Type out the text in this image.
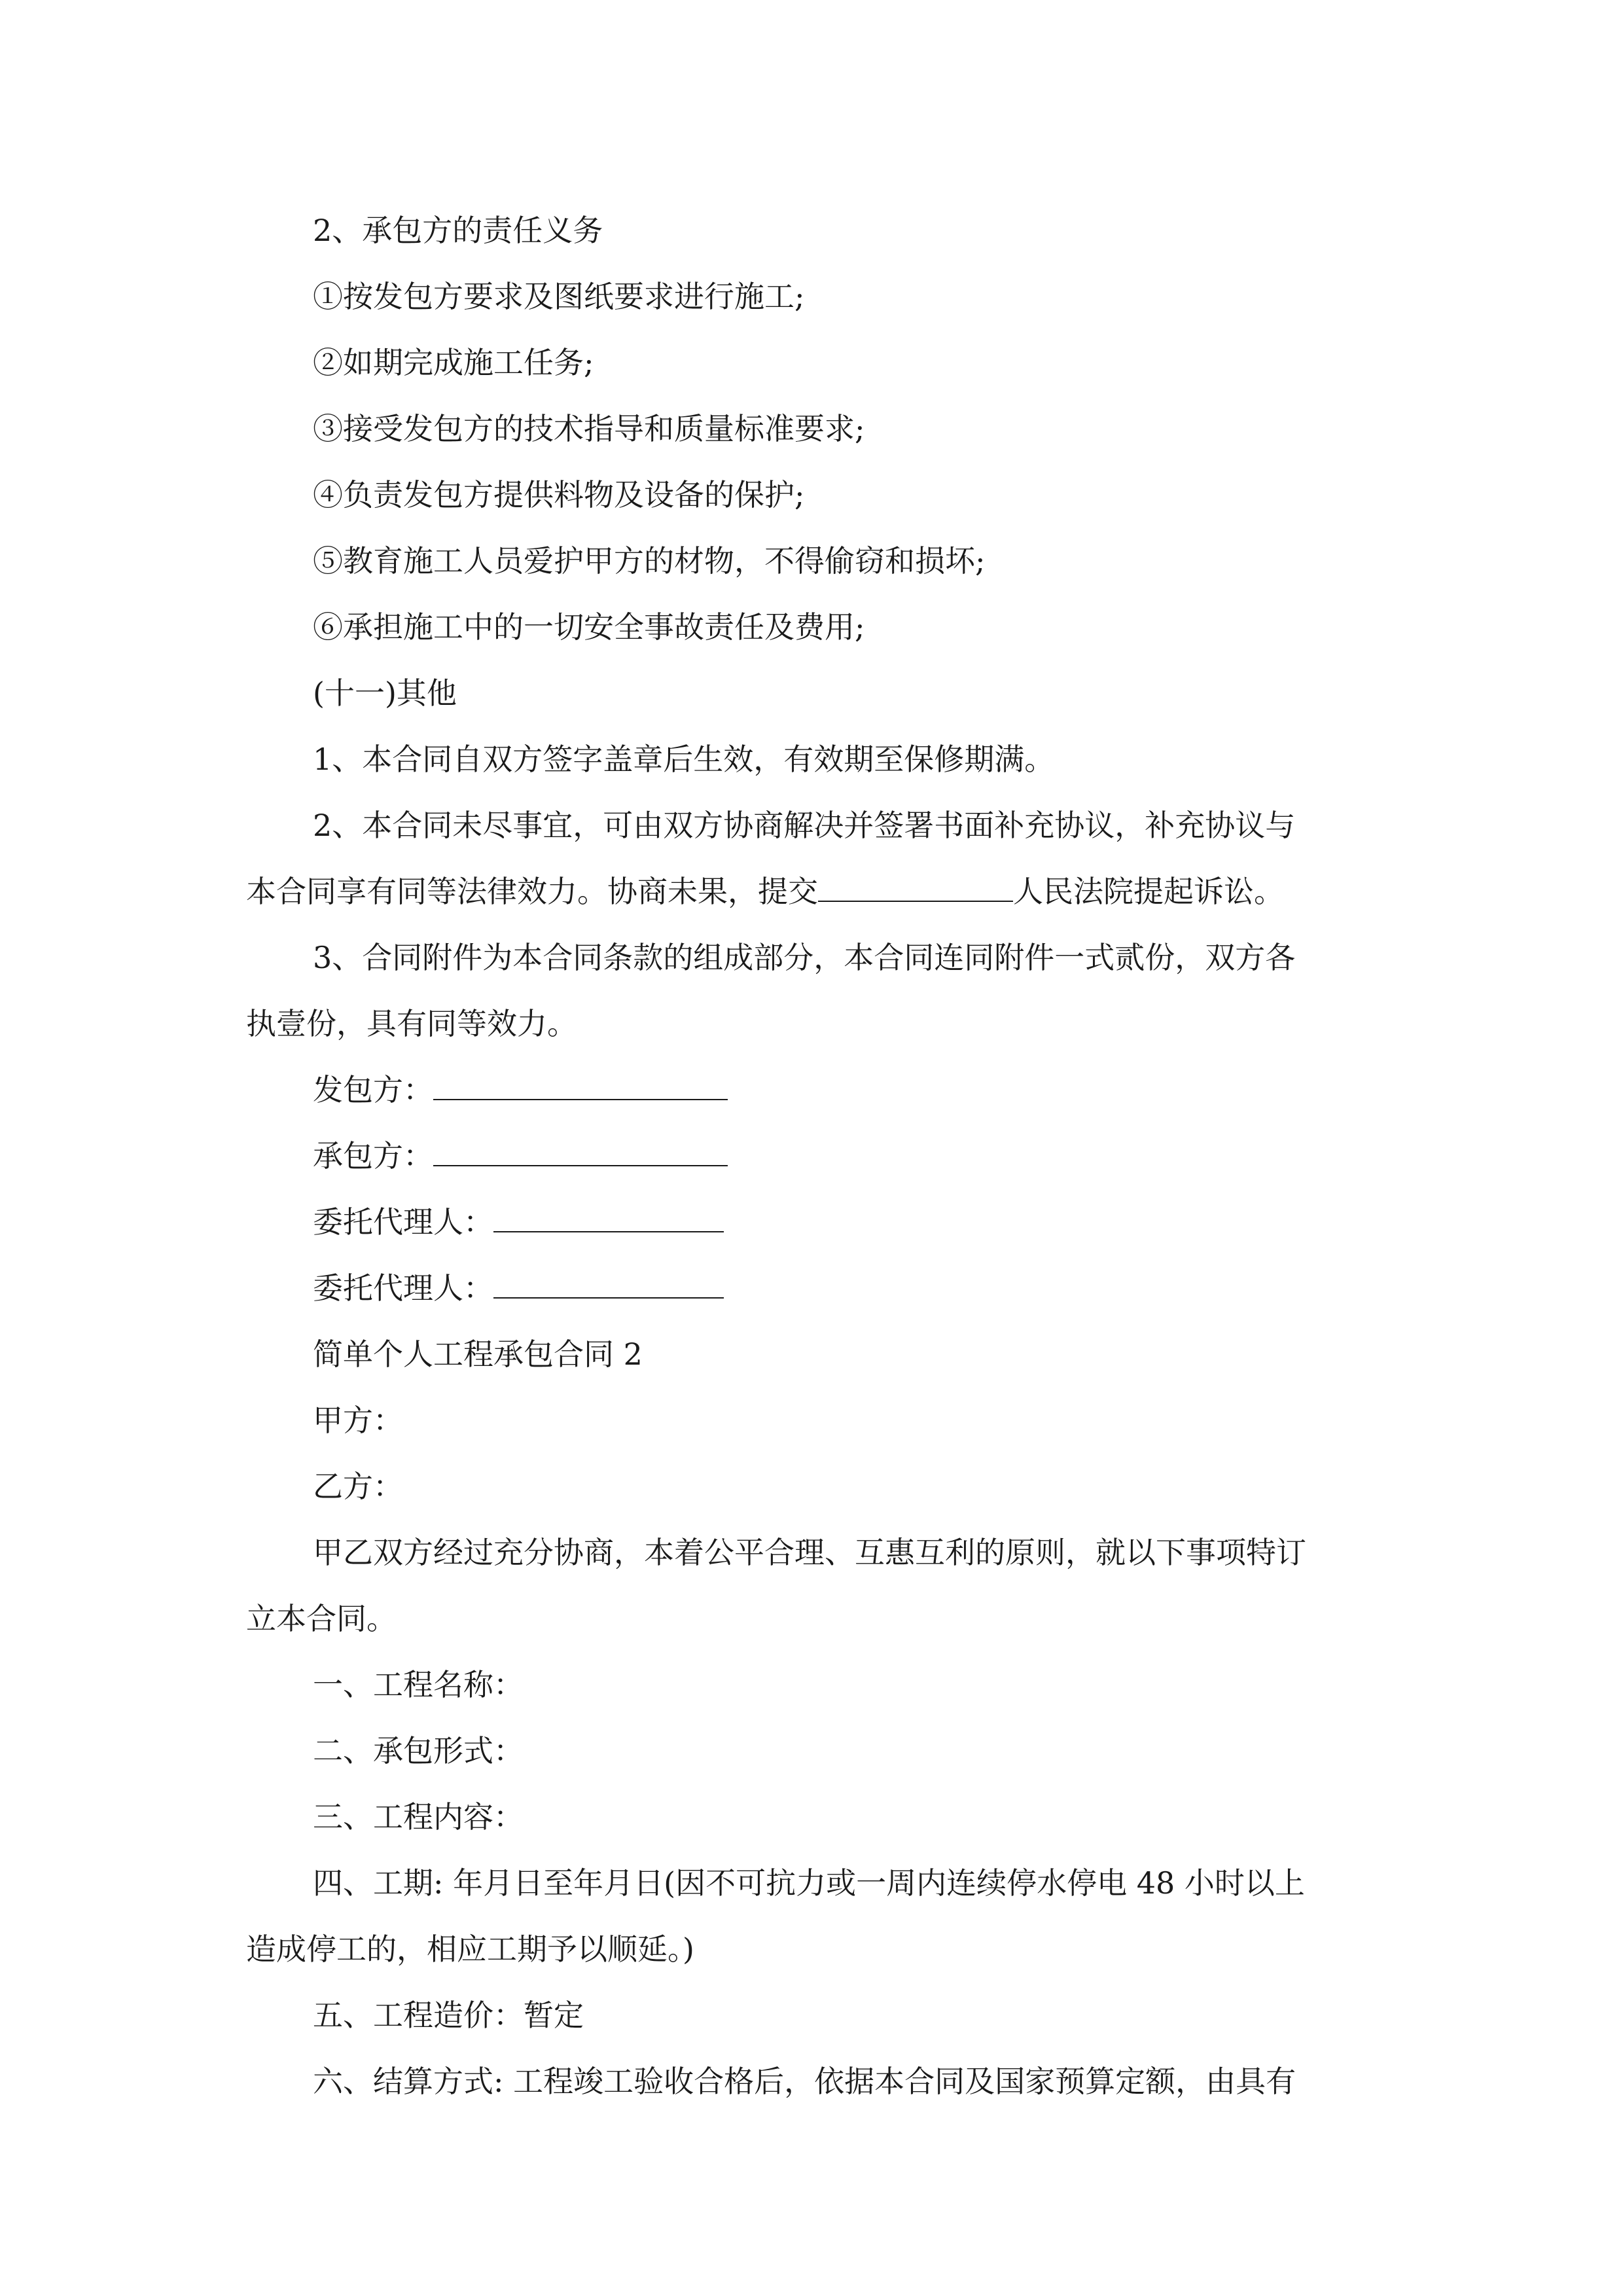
2、承包方的责任义务
①按发包方要求及图纸要求进行施工;
②如期完成施工任务;
③接受发包方的技术指导和质量标准要求;
④负责发包方提供料物及设备的保护;
⑤教育施工人员爱护甲方的材物，不得偷窃和损坏;
⑥承担施工中的一切安全事故责任及费用;
(十一)其他
1、本合同自双方签字盖章后生效，有效期至保修期满。
2、本合同未尽事宜，可由双方协商解决并签署书面补充协议，补充协议与
本合同享有同等法律效力。协商未果，提交	人民法院提起诉讼。
3、合同附件为本合同条款的组成部分，本合同连同附件一式贰份，双方各
执壹份，具有同等效力。
发包方：
承包方：
委托代理人：
委托代理人：
简单个人工程承包合同 2
甲方：
乙方：
甲乙双方经过充分协商，本着公平合理、互惠互利的原则，就以下事项特订
立本合同。
一、工程名称：
二、承包形式：
三、工程内容：
四、工期: 年月日至年月日(因不可抗力或一周内连续停水停电 48 小时以上
造成停工的，相应工期予以顺延。)
五、工程造价：暂定
六、结算方式: 工程竣工验收合格后，依据本合同及国家预算定额，由具有
